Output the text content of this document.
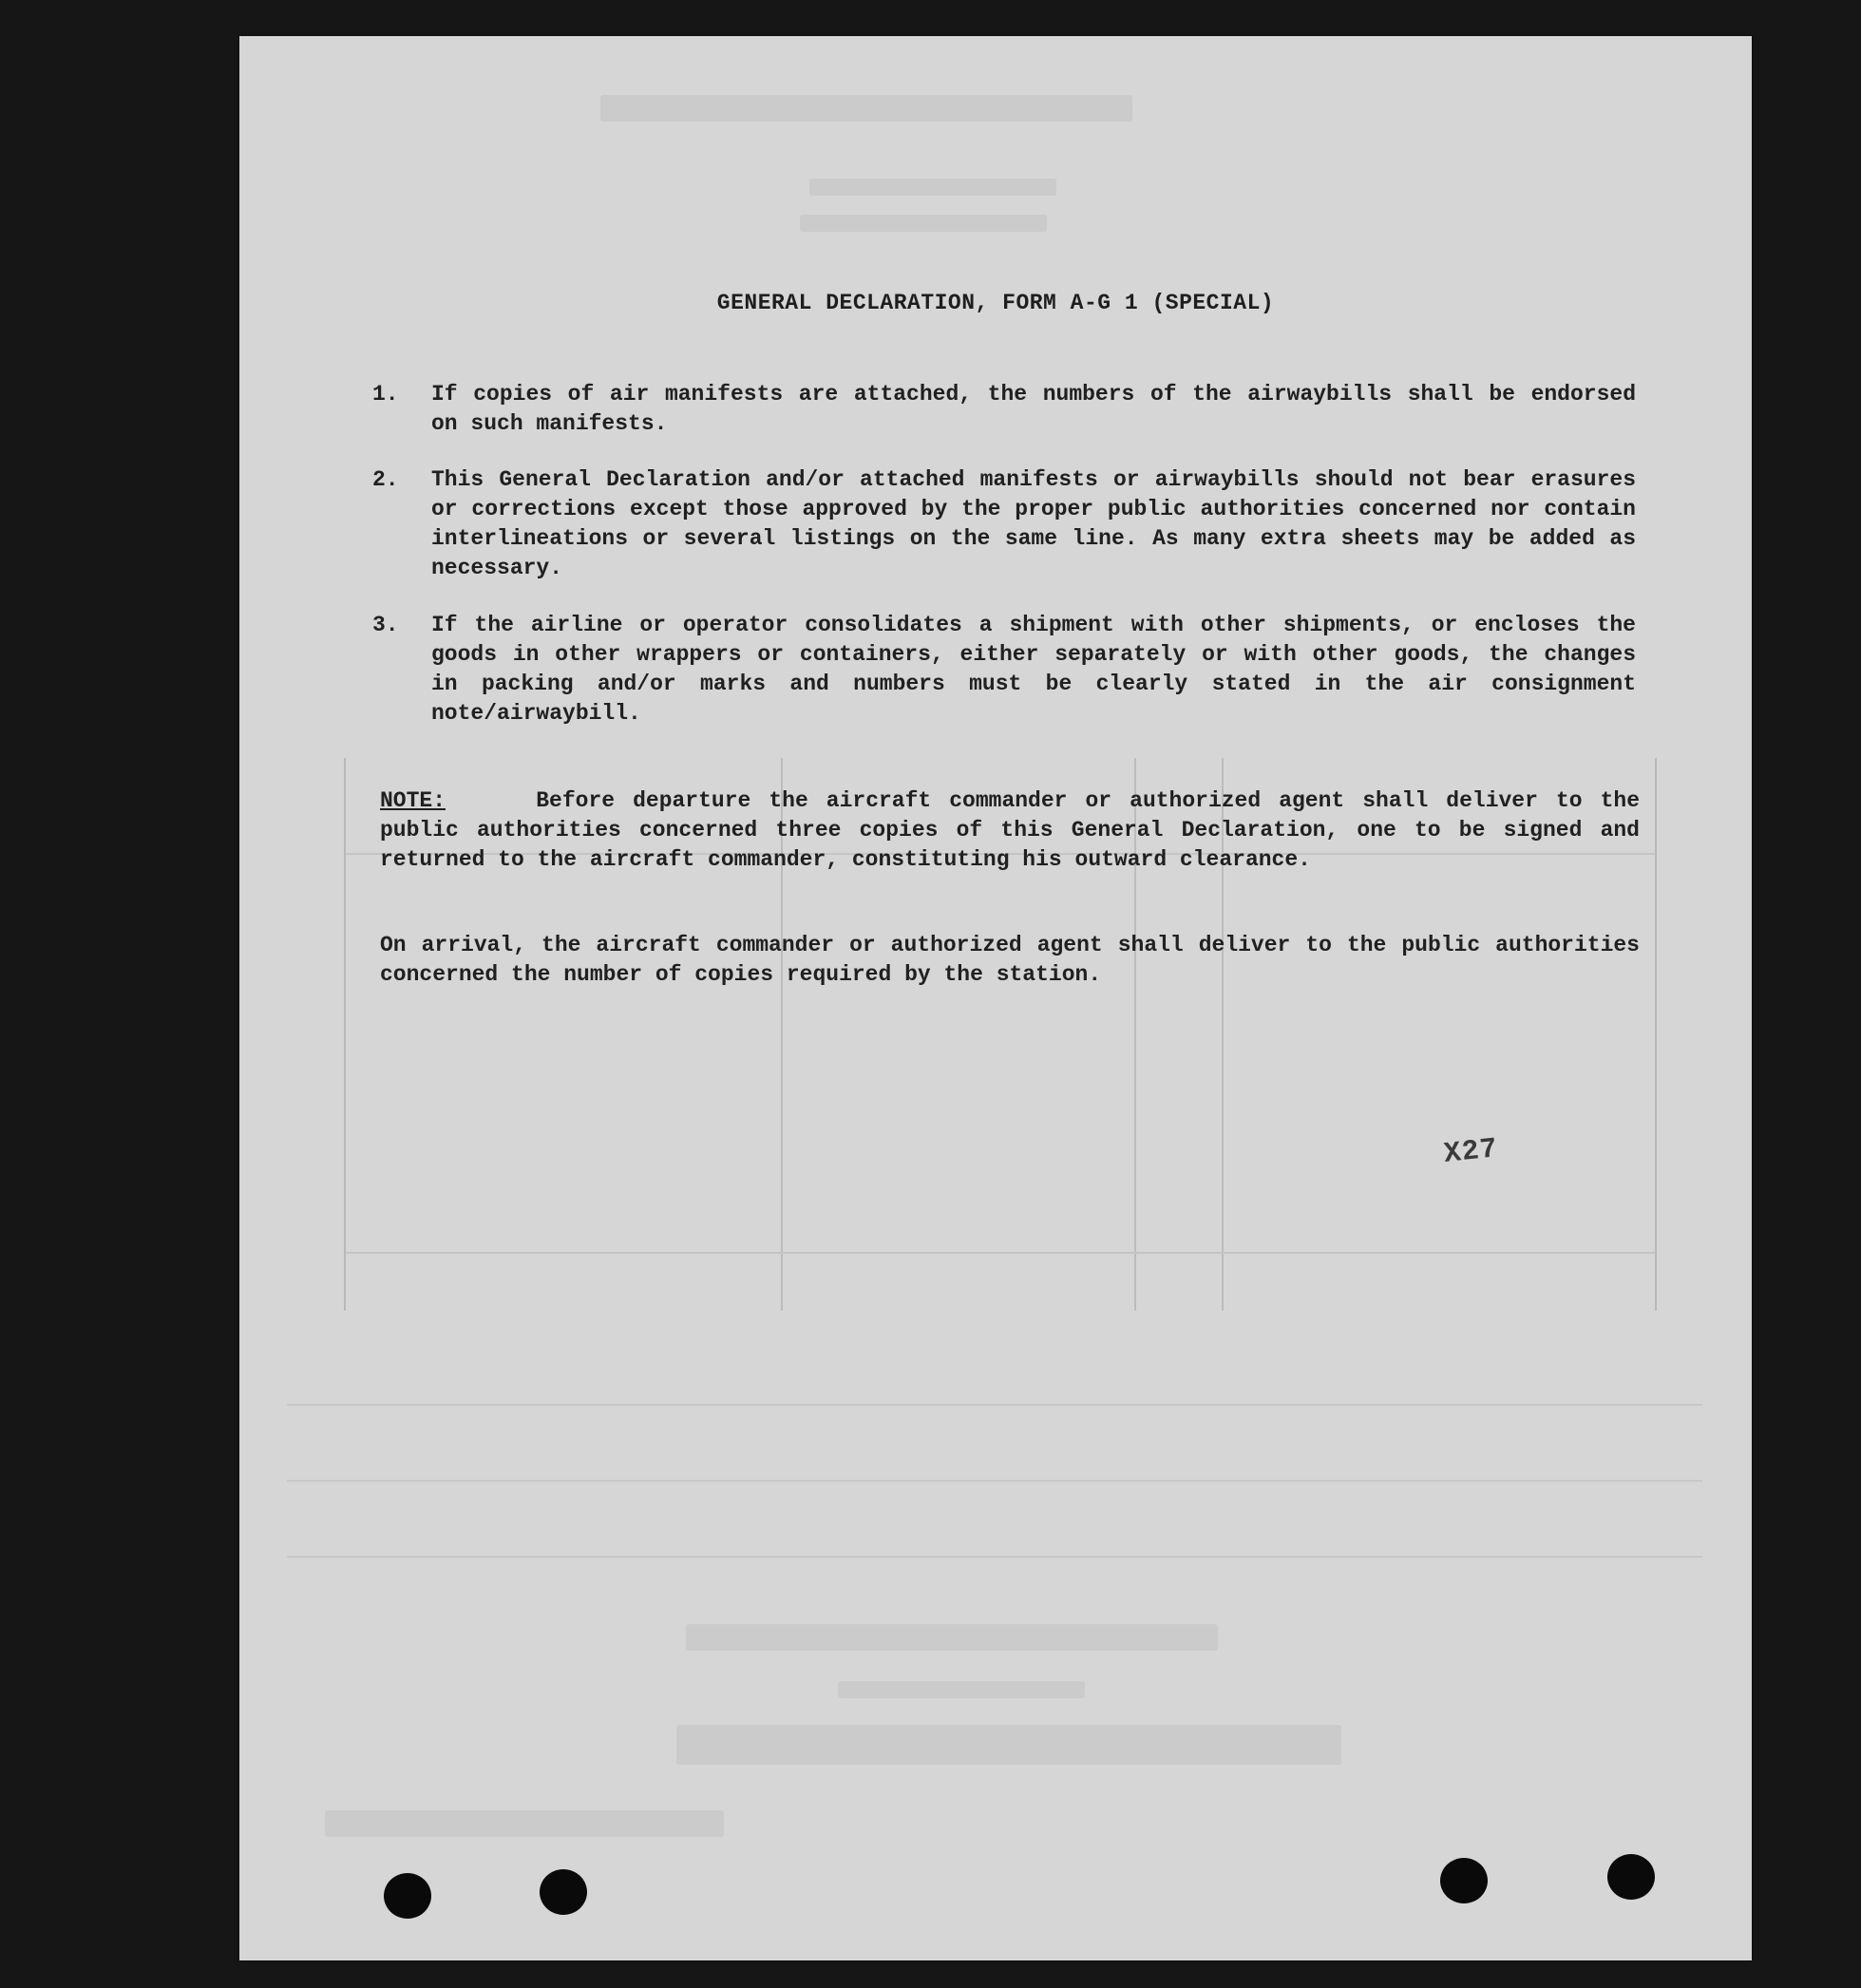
GENERAL DECLARATION, FORM A-G 1 (SPECIAL)
1.	If copies of air manifests are attached, the numbers of the airwaybills shall be endorsed on such manifests.
2.	This General Declaration and/or attached manifests or airwaybills should not bear erasures or corrections except those approved by the proper public authorities concerned nor contain interlineations or several listings on the same line. As many extra sheets may be added as necessary.
3.	If the airline or operator consolidates a shipment with other shipments, or encloses the goods in other wrappers or containers, either separately or with other goods, the changes in packing and/or marks and numbers must be clearly stated in the air consignment note/airwaybill.
NOTE:	Before departure the aircraft commander or authorized agent shall deliver to the public authorities concerned three copies of this General Declaration, one to be signed and returned to the aircraft commander, constituting his outward clearance.
On arrival, the aircraft commander or authorized agent shall deliver to the public authorities concerned the number of copies required by the station.
X27
